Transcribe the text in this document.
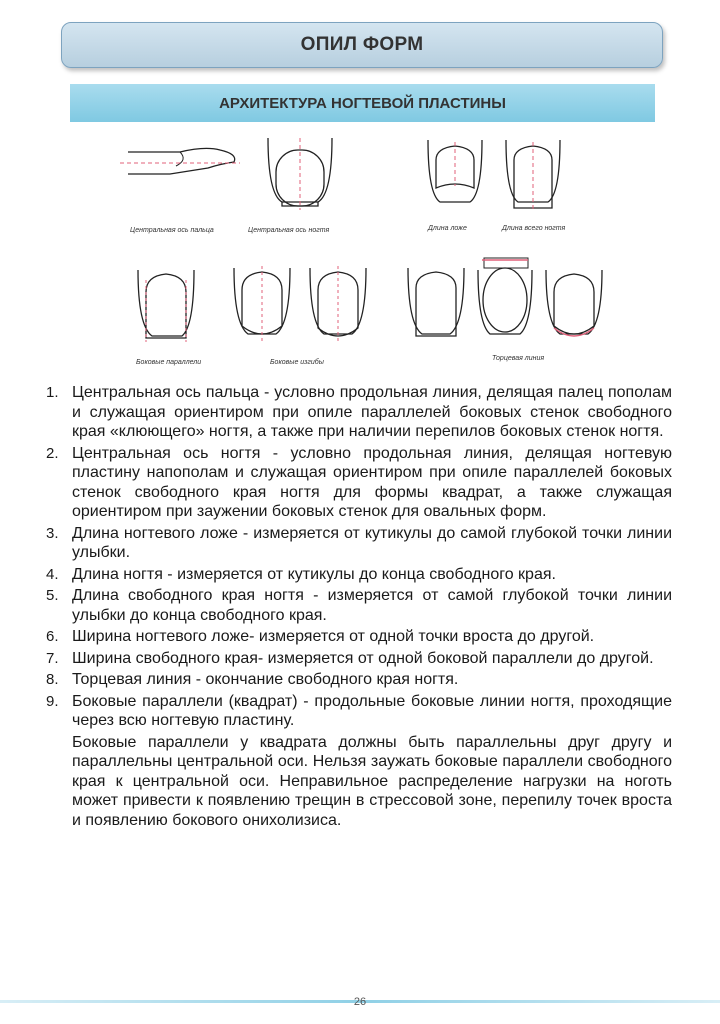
ОПИЛ ФОРМ
АРХИТЕКТУРА НОГТЕВОЙ ПЛАСТИНЫ
Центральная ось пальца	Центральная ось ногтя	Длина ложе	Длина всего ногтя
Боковые параллели	Боковые изгибы
Торцевая линия
1. Центральная ось пальца - условно продольная линия, делящая палец пополам и служащая ориентиром при опиле параллелей боковых стенок свободного края «клюющего» ногтя, а также при наличии перепилов боковых стенок ногтя.
2. Центральная ось ногтя - условно продольная линия, делящая ногтевую пластину напополам и служащая ориентиром при опиле параллелей боковых стенок свободного края ногтя для формы квадрат, а также служащая ориентиром при заужении боковых стенок для овальных форм.
3. Длина ногтевого ложе - измеряется от кутикулы до самой глубокой точки линии улыбки.
4. Длина ногтя - измеряется от кутикулы до конца свободного края.
5. Длина свободного края ногтя - измеряется от самой глубокой точки линии улыбки до конца свободного края.
6. Ширина ногтевого ложе- измеряется от одной точки вроста до другой.
7. Ширина свободного края- измеряется от одной боковой параллели до другой.
8. Торцевая линия - окончание свободного края ногтя.
9. Боковые параллели (квадрат) - продольные боковые линии ногтя, проходящие через всю ногтевую пластину.
Боковые параллели у квадрата должны быть параллельны друг другу и параллельны центральной оси. Нельзя заужать боковые параллели свободного края к центральной оси. Неправильное распределение нагрузки на ноготь может привести к появлению трещин в стрессовой зоне, перепилу точек вроста и появлению бокового онихолизиса.
26
